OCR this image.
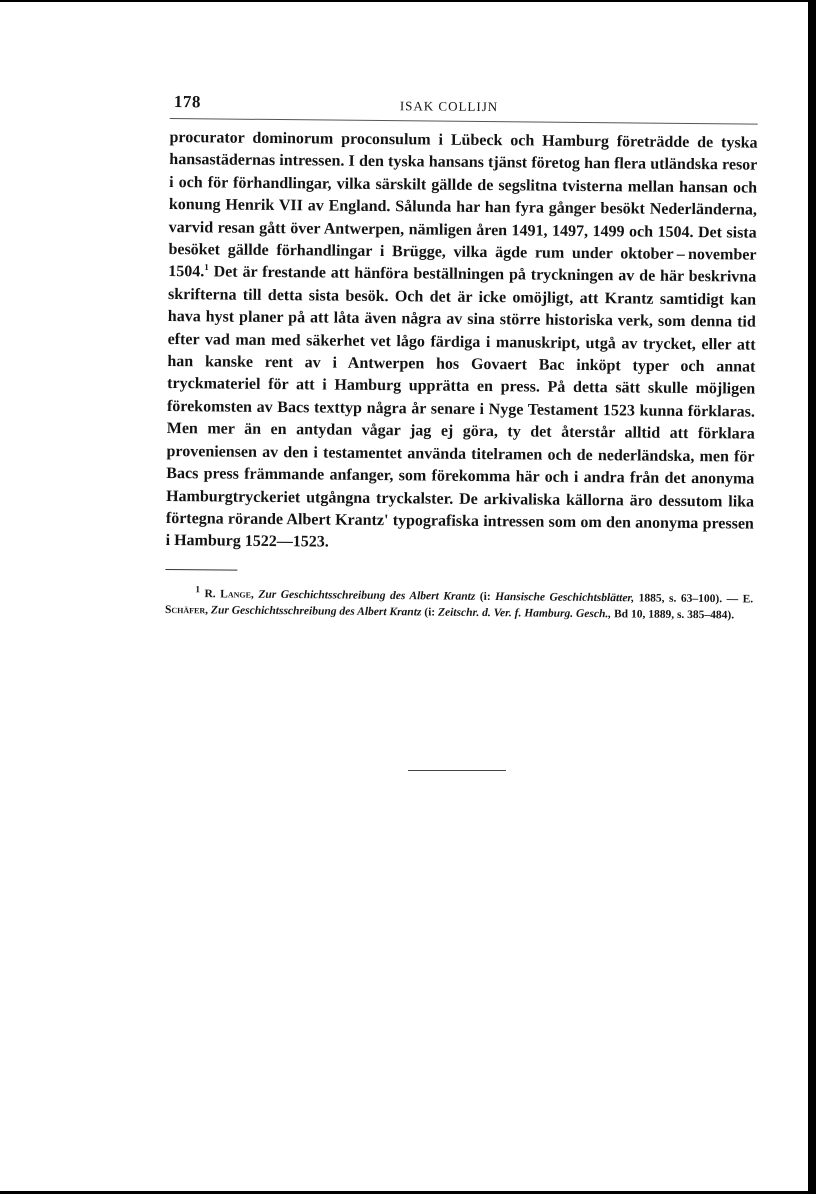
178	ISAK COLLIJN

procurator dominorum proconsulum i Lübeck och Hamburg företrädde de tyska hansastädernas intressen. I den tyska hansans tjänst företog han flera utländska resor i och för förhandlingar, vilka särskilt gällde de segslitna tvisterna mellan hansan och konung Henrik VII av England. Sålunda har han fyra gånger besökt Nederländerna, varvid resan gått över Antwerpen, nämligen åren 1491, 1497, 1499 och 1504. Det sista besöket gällde förhandlingar i Brügge, vilka ägde rum under oktober – november 1504.$^1$ Det är frestande att hänföra beställningen på tryckningen av de här beskrivna skrifterna till detta sista besök. Och det är icke omöjligt, att Krantz samtidigt kan hava hyst planer på att låta även några av sina större historiska verk, som denna tid efter vad man med säkerhet vet lågo färdiga i manuskript, utgå av trycket, eller att han kanske rent av i Antwerpen hos Govaert Bac inköpt typer och annat tryckmateriel för att i Hamburg upprätta en press. På detta sätt skulle möjligen förekomsten av Bacs texttyp några år senare i Nyge Testament 1523 kunna förklaras. Men mer än en antydan vågar jag ej göra, ty det återstår alltid att förklara proveniensen av den i testamentet använda titelramen och de nederländska, men för Bacs press främmande anfanger, som förekomma här och i andra från det anonyma Hamburgtryckeriet utgångna tryckalster. De arkivaliska källorna äro dessutom lika förtegna rörande Albert Krantz' typografiska intressen som om den anonyma pressen i Hamburg 1522—1523.

$^1$ R. Lange, Zur Geschichtsschreibung des Albert Krantz (i: Hansische Geschichtsblätter, 1885, s. 63–100). — E. Schäfer, Zur Geschichtsschreibung des Albert Krantz (i: Zeitschr. d. Ver. f. Hamburg. Gesch., Bd 10, 1889, s. 385–484).
